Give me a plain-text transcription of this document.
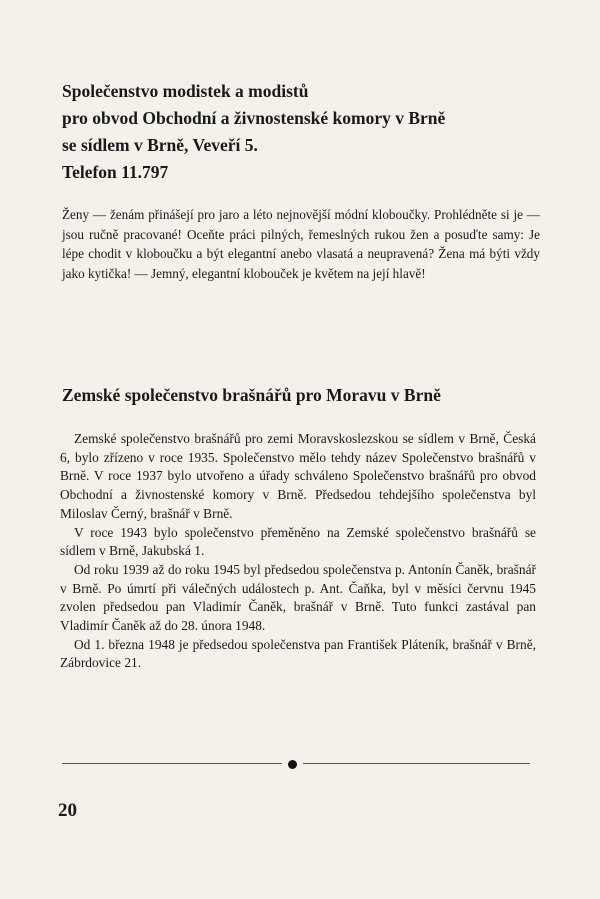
Společenstvo modistek a modistů
pro obvod Obchodní a živnostenské komory v Brně
se sídlem v Brně, Veveří 5.
Telefon 11.797
Ženy — ženám přinášejí pro jaro a léto nejnovější módní kloboučky. Prohlédněte si je — jsou ručně pracované! Oceňte práci pilných, řemeslných rukou žen a posuďte samy: Je lépe chodit v kloboučku a být elegantní anebo vlasatá a neupravená? Žena má býti vždy jako kytička! — Jemný, elegantní klobouček je květem na její hlavě!
Zemské společenstvo brašnářů pro Moravu v Brně

Zemské společenstvo brašnářů pro zemi Moravskoslezskou se sídlem v Brně, Česká 6, bylo zřízeno v roce 1935. Společenstvo mělo tehdy název Společenstvo brašnářů v Brně. V roce 1937 bylo utvořeno a úřady schváleno Společenstvo brašnářů pro obvod Obchodní a živnostenské komory v Brně. Předsedou tehdejšího společenstva byl Miloslav Černý, brašnář v Brně.

V roce 1943 bylo společenstvo přeměněno na Zemské společenstvo brašnářů se sídlem v Brně, Jakubská 1.

Od roku 1939 až do roku 1945 byl předsedou společenstva p. Antonín Čaněk, brašnář v Brně. Po úmrtí při válečných událostech p. Ant. Čaňka, byl v měsíci červnu 1945 zvolen předsedou pan Vladimír Čaněk, brašnář v Brně. Tuto funkci zastával pan Vladimír Čaněk až do 28. února 1948.

Od 1. března 1948 je předsedou společenstva pan František Pláteník, brašnář v Brně, Zábrdovice 21.

20
